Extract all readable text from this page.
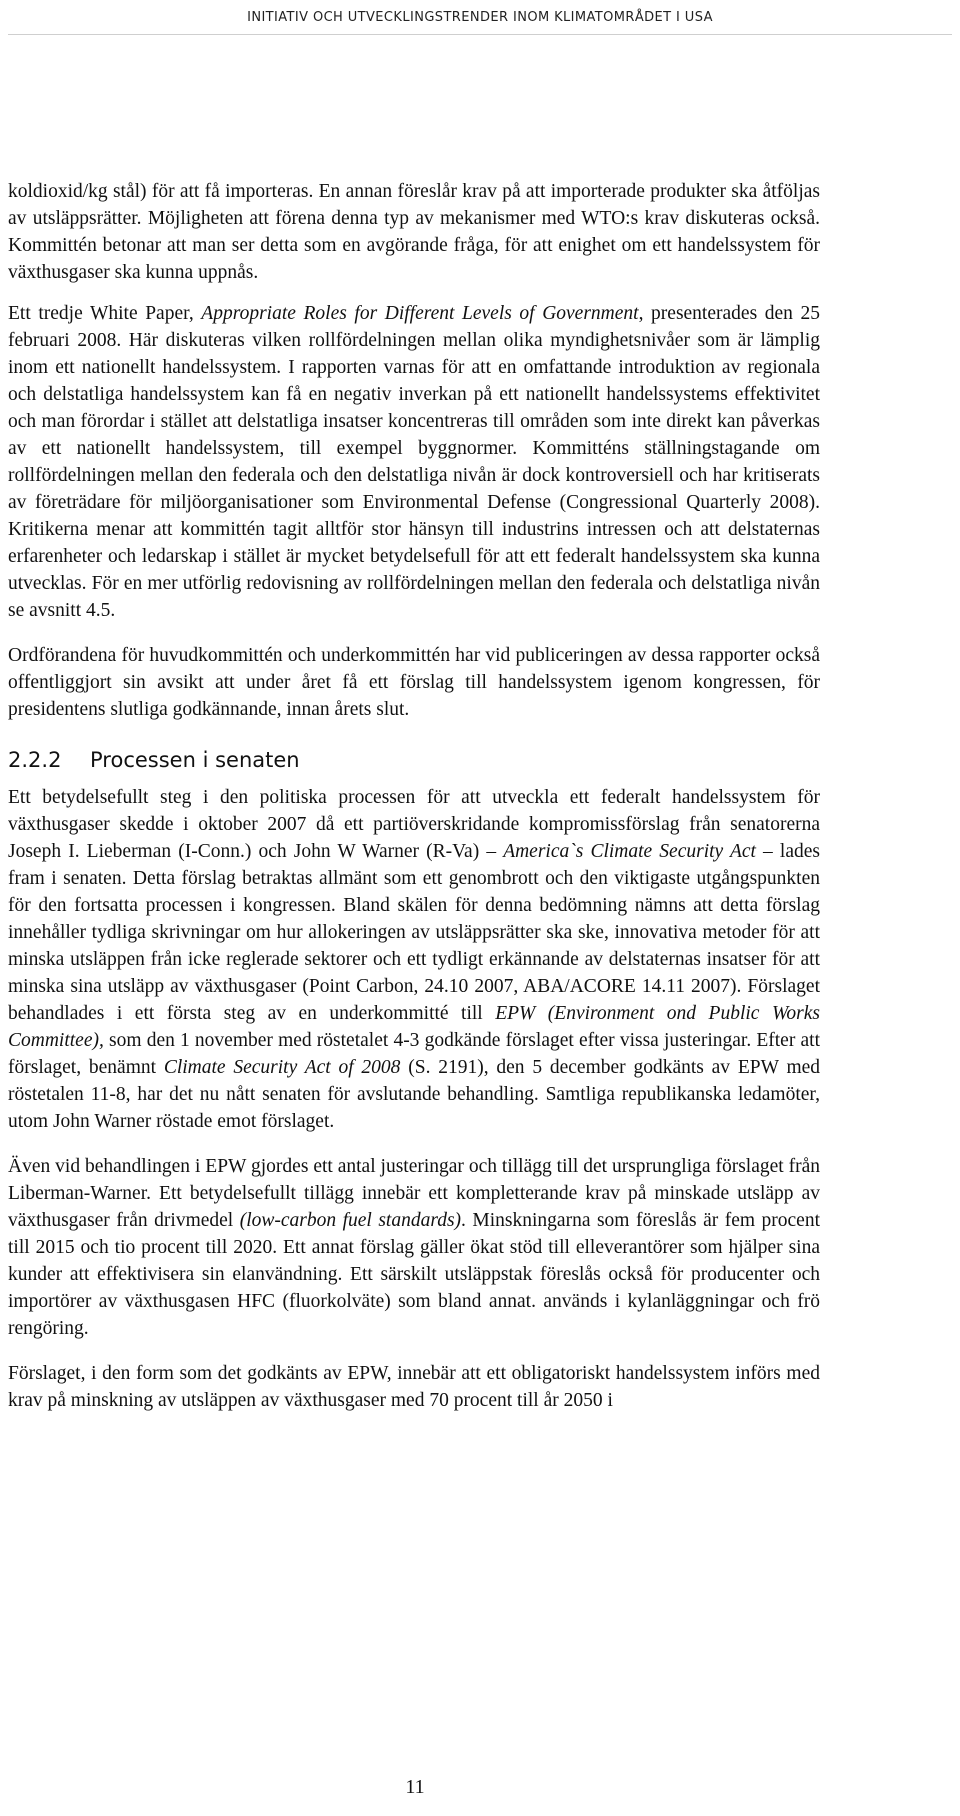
INITIATIV OCH UTVECKLINGSTRENDER INOM KLIMATOMRÅDET I USA

koldioxid/kg stål) för att få importeras. En annan föreslår krav på att importerade produkter ska åtföljas av utsläppsrätter. Möjligheten att förena denna typ av mekanismer med WTO:s krav diskuteras också. Kommittén betonar att man ser detta som en avgörande fråga, för att enighet om ett handelssystem för växthusgaser ska kunna uppnås.

Ett tredje White Paper, Appropriate Roles for Different Levels of Government, presenterades den 25 februari 2008. Här diskuteras vilken rollfördelningen mellan olika myndighetsnivåer som är lämplig inom ett nationellt handelssystem. I rapporten varnas för att en omfattande introduktion av regionala och delstatliga handelssystem kan få en negativ inverkan på ett nationellt handelssystems effektivitet och man förordar i stället att delstatliga insatser koncentreras till områden som inte direkt kan påverkas av ett nationellt handelssystem, till exempel byggnormer. Kommitténs ställningstagande om rollfördelningen mellan den federala och den delstatliga nivån är dock kontroversiell och har kritiserats av företrädare för miljöorganisationer som Environmental Defense (Congressional Quarterly 2008). Kritikerna menar att kommittén tagit alltför stor hänsyn till industrins intressen och att delstaternas erfarenheter och ledarskap i stället är mycket betydelsefull för att ett federalt handelssystem ska kunna utvecklas. För en mer utförlig redovisning av rollfördelningen mellan den federala och delstatliga nivån se avsnitt 4.5.

Ordförandena för huvudkommittén och underkommittén har vid publiceringen av dessa rapporter också offentliggjort sin avsikt att under året få ett förslag till handelssystem igenom kongressen, för presidentens slutliga godkännande, innan årets slut.

2.2.2 Processen i senaten

Ett betydelsefullt steg i den politiska processen för att utveckla ett federalt handelssystem för växthusgaser skedde i oktober 2007 då ett partiöverskridande kompromissförslag från senatorerna Joseph I. Lieberman (I-Conn.) och John W Warner (R-Va) – America`s Climate Security Act – lades fram i senaten. Detta förslag betraktas allmänt som ett genombrott och den viktigaste utgångspunkten för den fortsatta processen i kongressen. Bland skälen för denna bedömning nämns att detta förslag innehåller tydliga skrivningar om hur allokeringen av utsläppsrätter ska ske, innovativa metoder för att minska utsläppen från icke reglerade sektorer och ett tydligt erkännande av delstaternas insatser för att minska sina utsläpp av växthusgaser (Point Carbon, 24.10 2007, ABA/ACORE 14.11 2007). Förslaget behandlades i ett första steg av en underkommitté till EPW (Environment ond Public Works Committee), som den 1 november med röstetalet 4-3 godkände förslaget efter vissa justeringar. Efter att förslaget, benämnt Climate Security Act of 2008 (S. 2191), den 5 december godkänts av EPW med röstetalen 11-8, har det nu nått senaten för avslutande behandling. Samtliga republikanska ledamöter, utom John Warner röstade emot förslaget.

Även vid behandlingen i EPW gjordes ett antal justeringar och tillägg till det ursprungliga förslaget från Liberman-Warner. Ett betydelsefullt tillägg innebär ett kompletterande krav på minskade utsläpp av växthusgaser från drivmedel (low-carbon fuel standards). Minskningarna som föreslås är fem procent till 2015 och tio procent till 2020. Ett annat förslag gäller ökat stöd till elleverantörer som hjälper sina kunder att effektivisera sin elanvändning. Ett särskilt utsläppstak föreslås också för producenter och importörer av växthusgasen HFC (fluorkolväte) som bland annat. används i kylanläggningar och frö rengöring.

Förslaget, i den form som det godkänts av EPW, innebär att ett obligatoriskt handelssystem införs med krav på minskning av utsläppen av växthusgaser med 70 procent till år 2050 i

11
